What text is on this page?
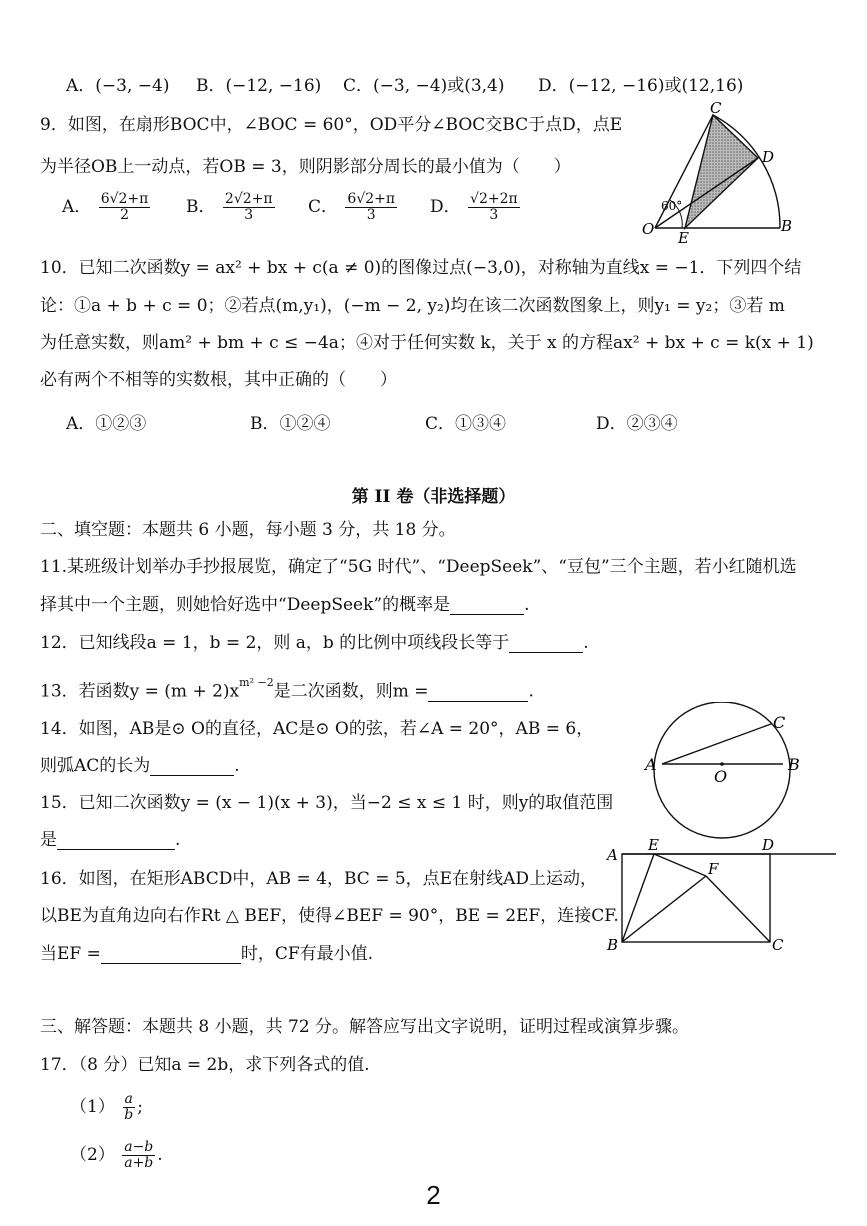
A．(−3, −4) B．(−12, −16) C．(−3, −4)或(3,4) D．(−12, −16)或(12,16)
9．如图，在扇形BOC中，∠BOC = 60°，OD平分∠BOC交BC于点D，点E
为半径OB上一动点，若OB = 3，则阴影部分周长的最小值为（　　）
A． $\frac{6√2+\pi}{2}$ B． $\frac{2√2+\pi}{3}$ C． $\frac{6√2+\pi}{3}$ D． $\frac{√2+2\pi}{3}$	60°
C
D
O E
B
10．已知二次函数y = ax² + bx + c(a ≠ 0)的图像过点(−3,0)，对称轴为直线x = −1．下列四个结
论：①a + b + c = 0；②若点(m,y₁)，(−m − 2, y₂)均在该二次函数图象上，则y₁ = y₂；③若 m
为任意实数，则am² + bm + c ≤ −4a；④对于任何实数 k，关于 x 的方程ax² + bx + c = k(x + 1)
必有两个不相等的实数根，其中正确的（　　）
A．①②③	B．①②④	C．①③④	D．②③④
第 II 卷（非选择题）
二、填空题：本题共 6 小题，每小题 3 分，共 18 分。
11.某班级计划举办手抄报展览，确定了“5G 时代”、“DeepSeek”、“豆包”三个主题，若小红随机选
择其中一个主题，则她恰好选中“DeepSeek”的概率是	.
12．已知线段a = 1，b = 2，则 a，b 的比例中项线段长等于	.
13．若函数$y = (m + 2)x^{m^2 -2}$是二次函数，则m =	.
14．如图，AB是⊙ O的直径，AC是⊙ O的弦，若∠A = 20°，AB = 6，
则弧AC的长为	.	A	B
C
O
15．已知二次函数y = (x − 1)(x + 3)，当−2 ≤ x ≤ 1 时，则y的取值范围
是	.
16．如图，在矩形ABCD中，AB = 4，BC = 5，点E在射线AD上运动，
以BE为直角边向右作Rt △ BEF，使得∠BEF = 90°，BE = 2EF，连接CF.
当EF =	时，CF有最小值.
A
E	D
F
B	C
三、解答题：本题共 8 小题，共 72 分。解答应写出文字说明，证明过程或演算步骤。
17．（8 分）已知a = 2b，求下列各式的值.
$(1) \frac{a}{b}$ ;
$(2) \frac{a-b}{a+b}$ .
2
